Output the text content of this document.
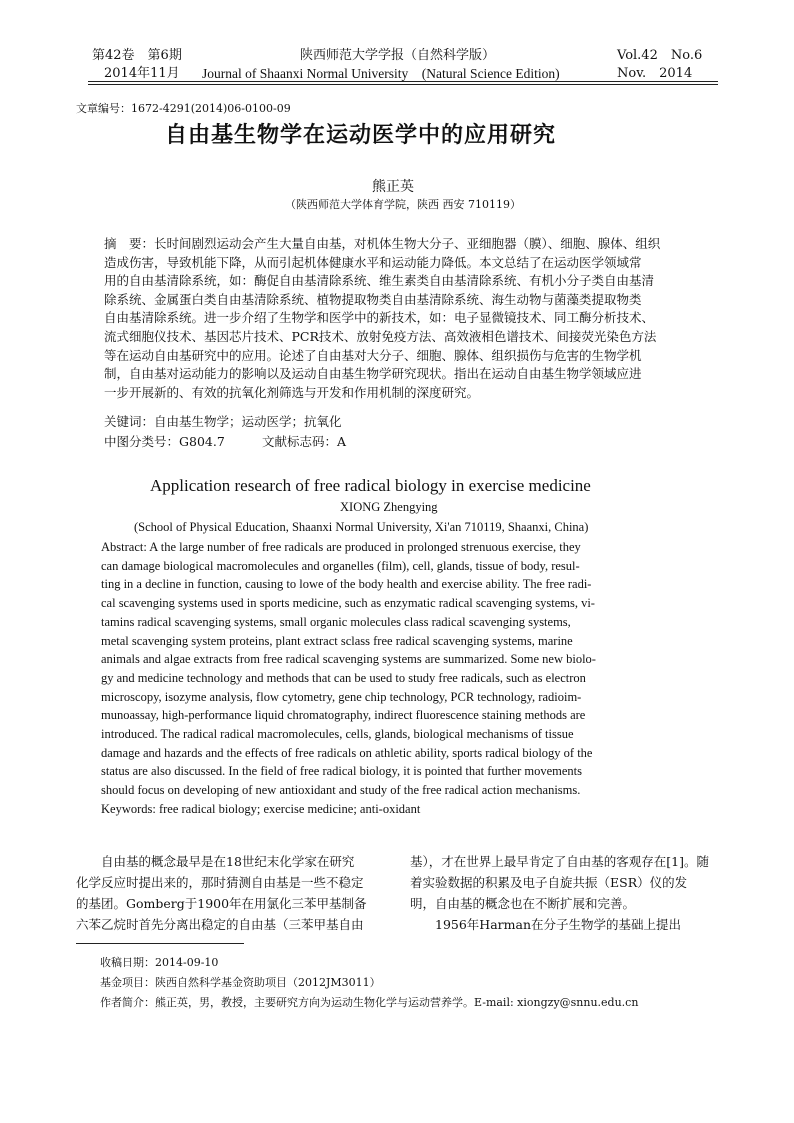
第42卷　第6期	陕西师范大学学报（自然科学版）	Vol.42　No.6
2014年11月 Journal of Shaanxi Normal University　(Natural Science Edition)	Nov.　2014
文章编号：1672-4291(2014)06-0100-09
自由基生物学在运动医学中的应用研究
熊正英
（陕西师范大学体育学院，陕西 西安 710119）
摘　要：长时间剧烈运动会产生大量自由基，对机体生物大分子、亚细胞器（膜）、细胞、腺体、组织
造成伤害，导致机能下降，从而引起机体健康水平和运动能力降低。本文总结了在运动医学领域常
用的自由基清除系统，如：酶促自由基清除系统、维生素类自由基清除系统、有机小分子类自由基清
除系统、金属蛋白类自由基清除系统、植物提取物类自由基清除系统、海生动物与菌藻类提取物类
自由基清除系统。进一步介绍了生物学和医学中的新技术，如：电子显微镜技术、同工酶分析技术、
流式细胞仪技术、基因芯片技术、PCR技术、放射免疫方法、高效液相色谱技术、间接荧光染色方法
等在运动自由基研究中的应用。论述了自由基对大分子、细胞、腺体、组织损伤与危害的生物学机
制，自由基对运动能力的影响以及运动自由基生物学研究现状。指出在运动自由基生物学领域应进
一步开展新的、有效的抗氧化剂筛选与开发和作用机制的深度研究。
关键词：自由基生物学；运动医学；抗氧化
中图分类号：G804.7	文献标志码：A
Application research of free radical biology in exercise medicine
XIONG Zhengying
(School of Physical Education, Shaanxi Normal University, Xi'an 710119, Shaanxi, China)
Abstract: A the large number of free radicals are produced in prolonged strenuous exercise, they
can damage biological macromolecules and organelles (film), cell, glands, tissue of body, resul-
ting in a decline in function, causing to lowe of the body health and exercise ability. The free radi-
cal scavenging systems used in sports medicine, such as enzymatic radical scavenging systems, vi-
tamins radical scavenging systems, small organic molecules class radical scavenging systems,
metal scavenging system proteins, plant extract sclass free radical scavenging systems, marine
animals and algae extracts from free radical scavenging systems are summarized. Some new biolo-
gy and medicine technology and methods that can be used to study free radicals, such as electron
microscopy, isozyme analysis, flow cytometry, gene chip technology, PCR technology, radioim-
munoassay, high-performance liquid chromatography, indirect fluorescence staining methods are
introduced. The radical radical macromolecules, cells, glands, biological mechanisms of tissue
damage and hazards and the effects of free radicals on athletic ability, sports radical biology of the
status are also discussed. In the field of free radical biology, it is pointed that further movements
should focus on developing of new antioxidant and study of the free radical action mechanisms.
Keywords: free radical biology; exercise medicine; anti-oxidant
　　自由基的概念最早是在18世纪末化学家在研究
化学反应时提出来的，那时猜测自由基是一些不稳定
的基团。Gomberg于1900年在用氯化三苯甲基制备
六苯乙烷时首先分离出稳定的自由基（三苯甲基自由
基），才在世界上最早肯定了自由基的客观存在[1]。随
着实验数据的积累及电子自旋共振（ESR）仪的发
明，自由基的概念也在不断扩展和完善。
　　1956年Harman在分子生物学的基础上提出
收稿日期：2014-09-10
基金项目：陕西自然科学基金资助项目（2012JM3011）
作者简介：熊正英，男，教授，主要研究方向为运动生物化学与运动营养学。E-mail: xiongzy@snnu.edu.cn
